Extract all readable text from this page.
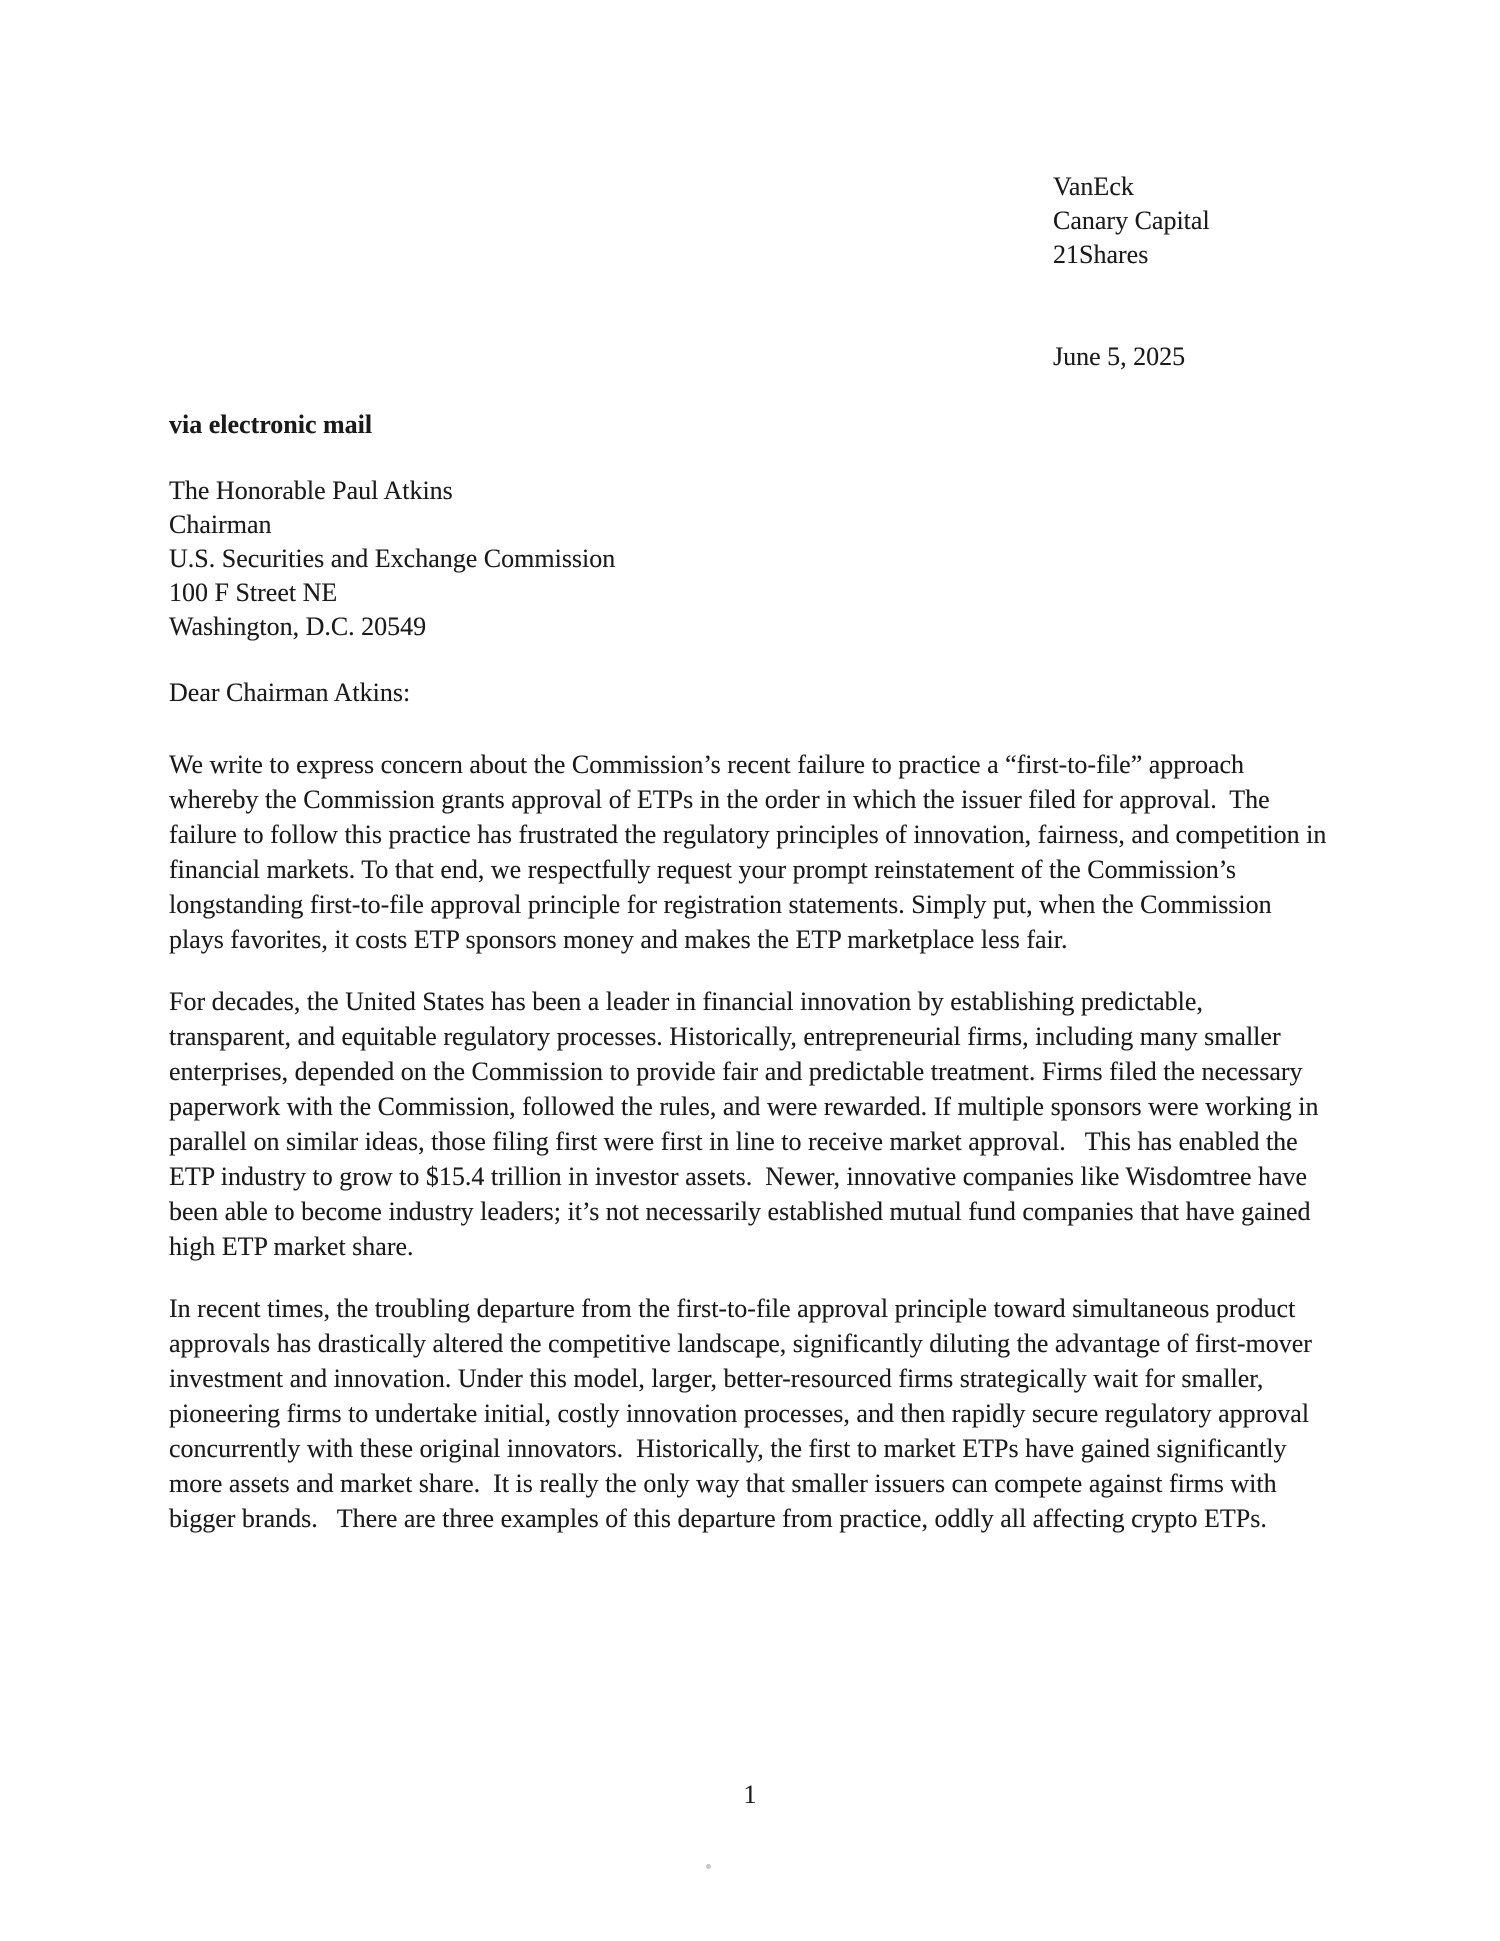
VanEck
Canary Capital
21Shares
June 5, 2025
via electronic mail
The Honorable Paul Atkins
Chairman
U.S. Securities and Exchange Commission
100 F Street NE
Washington, D.C. 20549
Dear Chairman Atkins:

We write to express concern about the Commission’s recent failure to practice a “first-to-file” approach whereby the Commission grants approval of ETPs in the order in which the issuer filed for approval.  The failure to follow this practice has frustrated the regulatory principles of innovation, fairness, and competition in financial markets. To that end, we respectfully request your prompt reinstatement of the Commission’s longstanding first-to-file approval principle for registration statements. Simply put, when the Commission plays favorites, it costs ETP sponsors money and makes the ETP marketplace less fair.

For decades, the United States has been a leader in financial innovation by establishing predictable, transparent, and equitable regulatory processes. Historically, entrepreneurial firms, including many smaller enterprises, depended on the Commission to provide fair and predictable treatment. Firms filed the necessary paperwork with the Commission, followed the rules, and were rewarded. If multiple sponsors were working in parallel on similar ideas, those filing first were first in line to receive market approval.   This has enabled the ETP industry to grow to $15.4 trillion in investor assets.  Newer, innovative companies like Wisdomtree have been able to become industry leaders; it’s not necessarily established mutual fund companies that have gained high ETP market share.

In recent times, the troubling departure from the first-to-file approval principle toward simultaneous product approvals has drastically altered the competitive landscape, significantly diluting the advantage of first-mover investment and innovation. Under this model, larger, better-resourced firms strategically wait for smaller, pioneering firms to undertake initial, costly innovation processes, and then rapidly secure regulatory approval concurrently with these original innovators.  Historically, the first to market ETPs have gained significantly more assets and market share.  It is really the only way that smaller issuers can compete against firms with bigger brands.   There are three examples of this departure from practice, oddly all affecting crypto ETPs.

1
